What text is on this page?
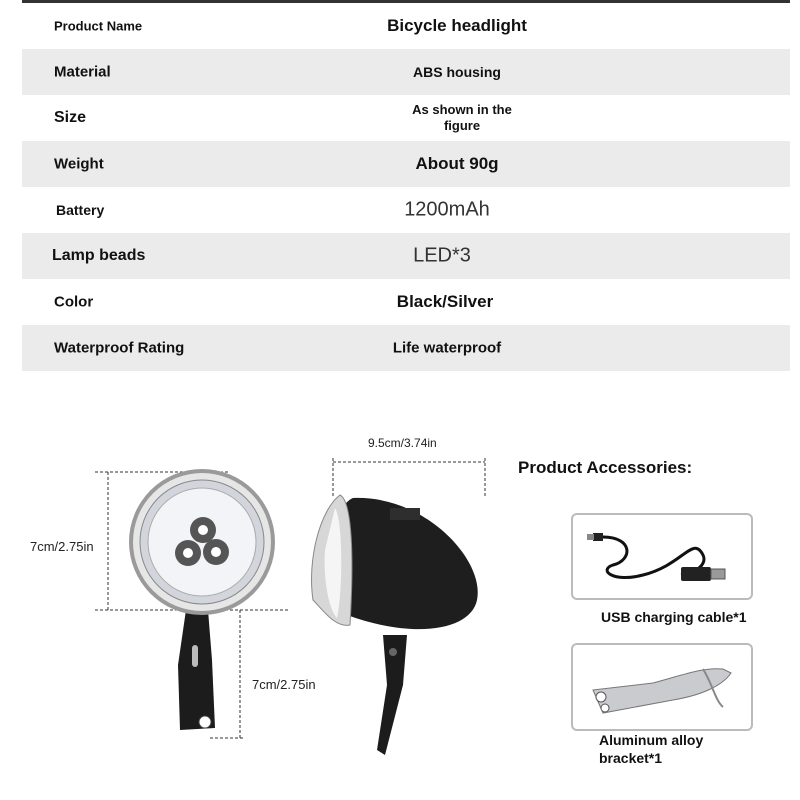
Product Name	Bicycle headlight
Material	ABS housing
Size	As shown in the figure
Weight	About 90g
Battery	1200mAh
Lamp beads	LED*3
Color	Black/Silver
Waterproof Rating	Life waterproof
7cm/2.75in
7cm/2.75in
9.5cm/3.74in
Product Accessories:
USB charging cable*1
Aluminum alloy bracket*1
